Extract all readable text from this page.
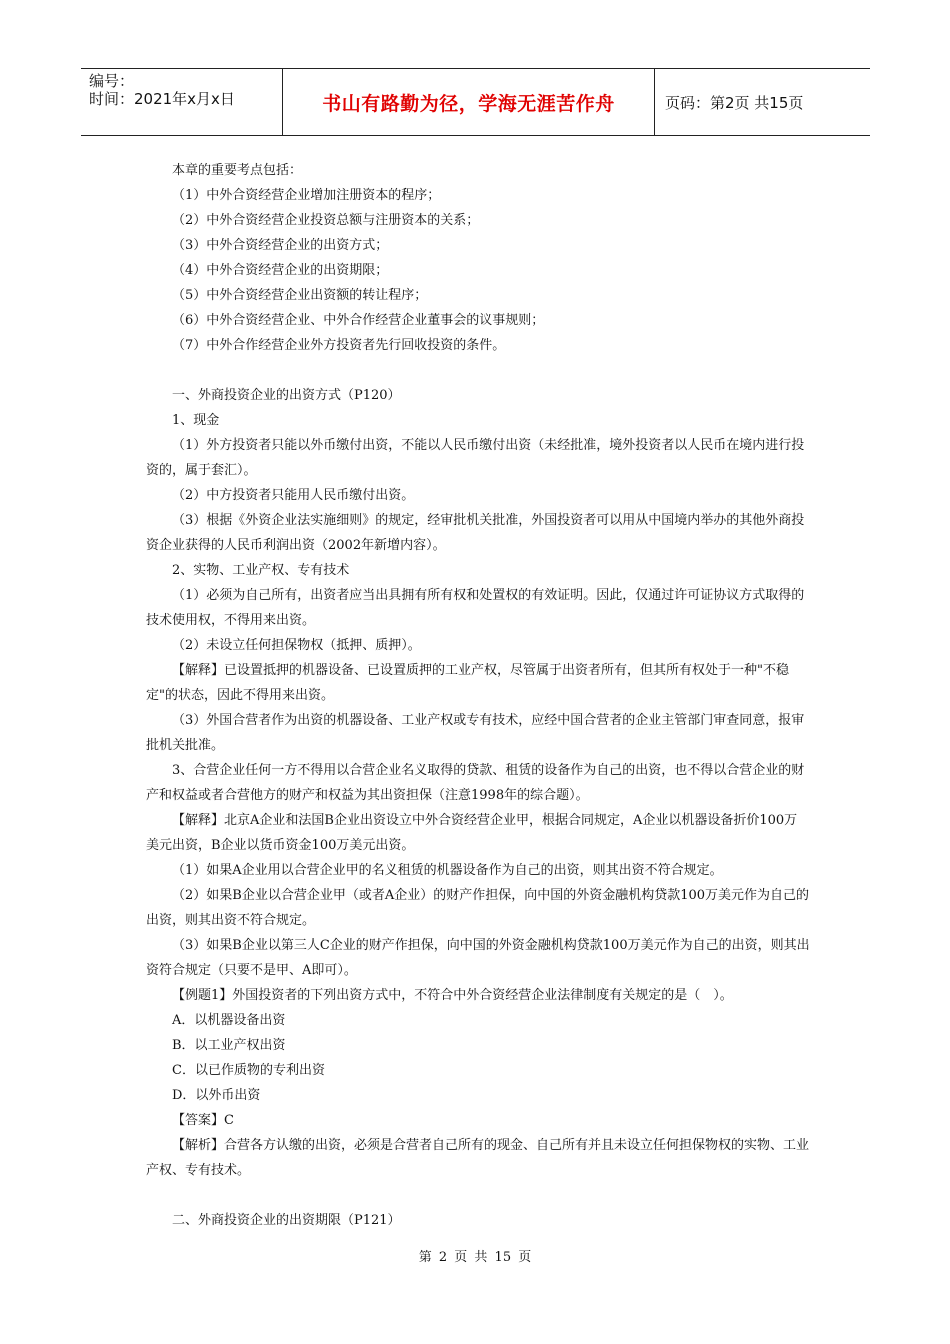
编号：
时间：2021年x月x日	书山有路勤为径，学海无涯苦作舟	页码：第2页 共15页

本章的重要考点包括：

（1）中外合资经营企业增加注册资本的程序；

（2）中外合资经营企业投资总额与注册资本的关系；

（3）中外合资经营企业的出资方式；

（4）中外合资经营企业的出资期限；

（5）中外合资经营企业出资额的转让程序；

（6）中外合资经营企业、中外合作经营企业董事会的议事规则；

（7）中外合作经营企业外方投资者先行回收投资的条件。

一、外商投资企业的出资方式（P120）

1、现金

（1）外方投资者只能以外币缴付出资，不能以人民币缴付出资（未经批准，境外投资者以人民币在境内进行投资的，属于套汇）。

（2）中方投资者只能用人民币缴付出资。

（3）根据《外资企业法实施细则》的规定，经审批机关批准，外国投资者可以用从中国境内举办的其他外商投资企业获得的人民币利润出资（2002年新增内容）。

2、实物、工业产权、专有技术

（1）必须为自己所有，出资者应当出具拥有所有权和处置权的有效证明。因此，仅通过许可证协议方式取得的技术使用权，不得用来出资。

（2）未设立任何担保物权（抵押、质押）。

【解释】已设置抵押的机器设备、已设置质押的工业产权，尽管属于出资者所有，但其所有权处于一种"不稳定"的状态，因此不得用来出资。

（3）外国合营者作为出资的机器设备、工业产权或专有技术，应经中国合营者的企业主管部门审查同意，报审批机关批准。

3、合营企业任何一方不得用以合营企业名义取得的贷款、租赁的设备作为自己的出资，也不得以合营企业的财产和权益或者合营他方的财产和权益为其出资担保（注意1998年的综合题）。

【解释】北京A企业和法国B企业出资设立中外合资经营企业甲，根据合同规定，A企业以机器设备折价100万美元出资，B企业以货币资金100万美元出资。

（1）如果A企业用以合营企业甲的名义租赁的机器设备作为自己的出资，则其出资不符合规定。

（2）如果B企业以合营企业甲（或者A企业）的财产作担保，向中国的外资金融机构贷款100万美元作为自己的出资，则其出资不符合规定。

（3）如果B企业以第三人C企业的财产作担保，向中国的外资金融机构贷款100万美元作为自己的出资，则其出资符合规定（只要不是甲、A即可）。

【例题1】外国投资者的下列出资方式中，不符合中外合资经营企业法律制度有关规定的是（　）。

A．以机器设备出资

B．以工业产权出资

C．以已作质物的专利出资

D．以外币出资

【答案】C

【解析】合营各方认缴的出资，必须是合营者自己所有的现金、自己所有并且未设立任何担保物权的实物、工业产权、专有技术。

二、外商投资企业的出资期限（P121）

第 2 页 共 15 页
